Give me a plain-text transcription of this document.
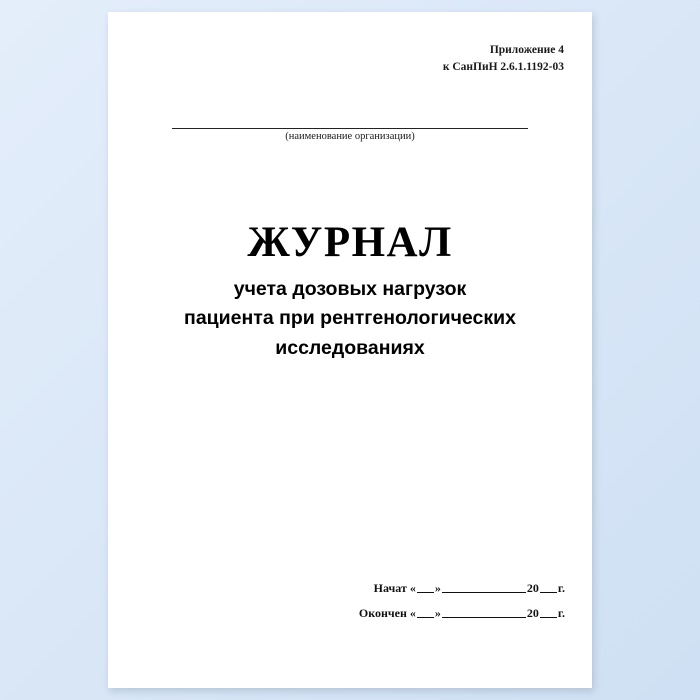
Приложение 4
к СанПиН 2.6.1.1192-03
(наименование организации)
ЖУРНАЛ
учета дозовых нагрузок
пациента при рентгенологических
исследованиях
Начат « »	20 г.
Окончен « »	20 г.
